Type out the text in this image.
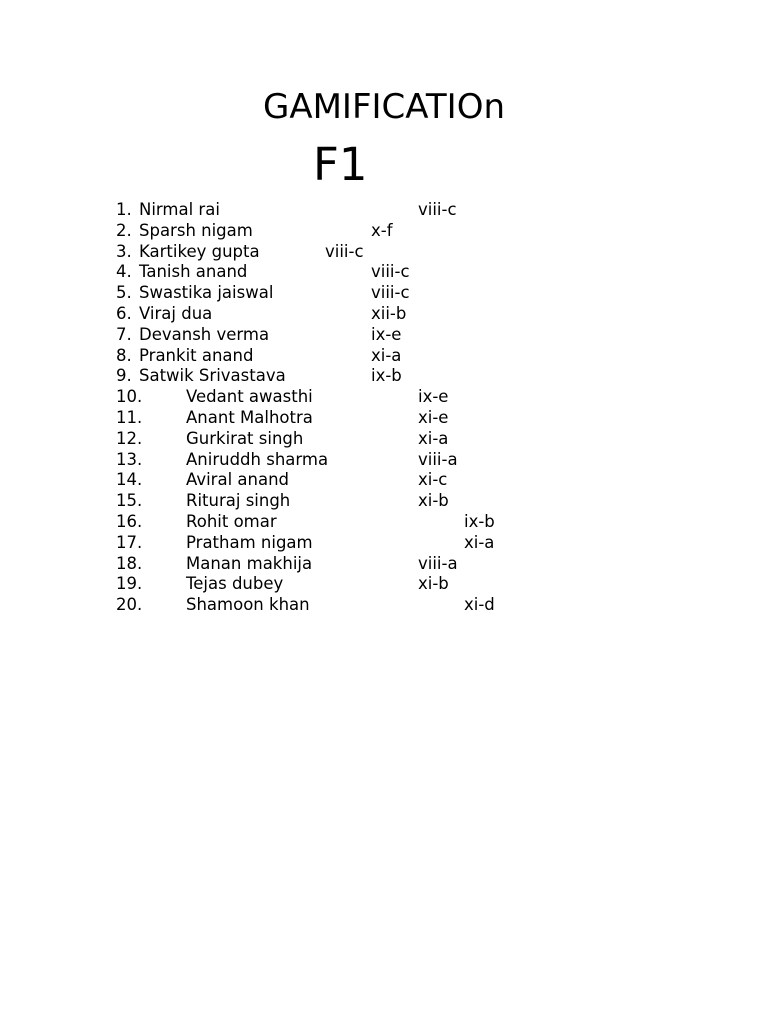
GAMIFICATIOn
F1
1. Nirmal rai	viii-c
2. Sparsh nigam	x-f
3. Kartikey gupta	viii-c
4. Tanish anand	viii-c
5. Swastika jaiswal	viii-c
6. Viraj dua	xii-b
7. Devansh verma	ix-e
8. Prankit anand	xi-a
9. Satwik Srivastava	ix-b
10.	Vedant awasthi	ix-e
11.	Anant Malhotra	xi-e
12.	Gurkirat singh	xi-a
13.	Aniruddh sharma	viii-a
14.	Aviral anand	xi-c
15.	Rituraj singh	xi-b
16.	Rohit omar	ix-b
17.	Pratham nigam	xi-a
18.	Manan makhija	viii-a
19.	Tejas dubey	xi-b
20.	Shamoon khan	xi-d
